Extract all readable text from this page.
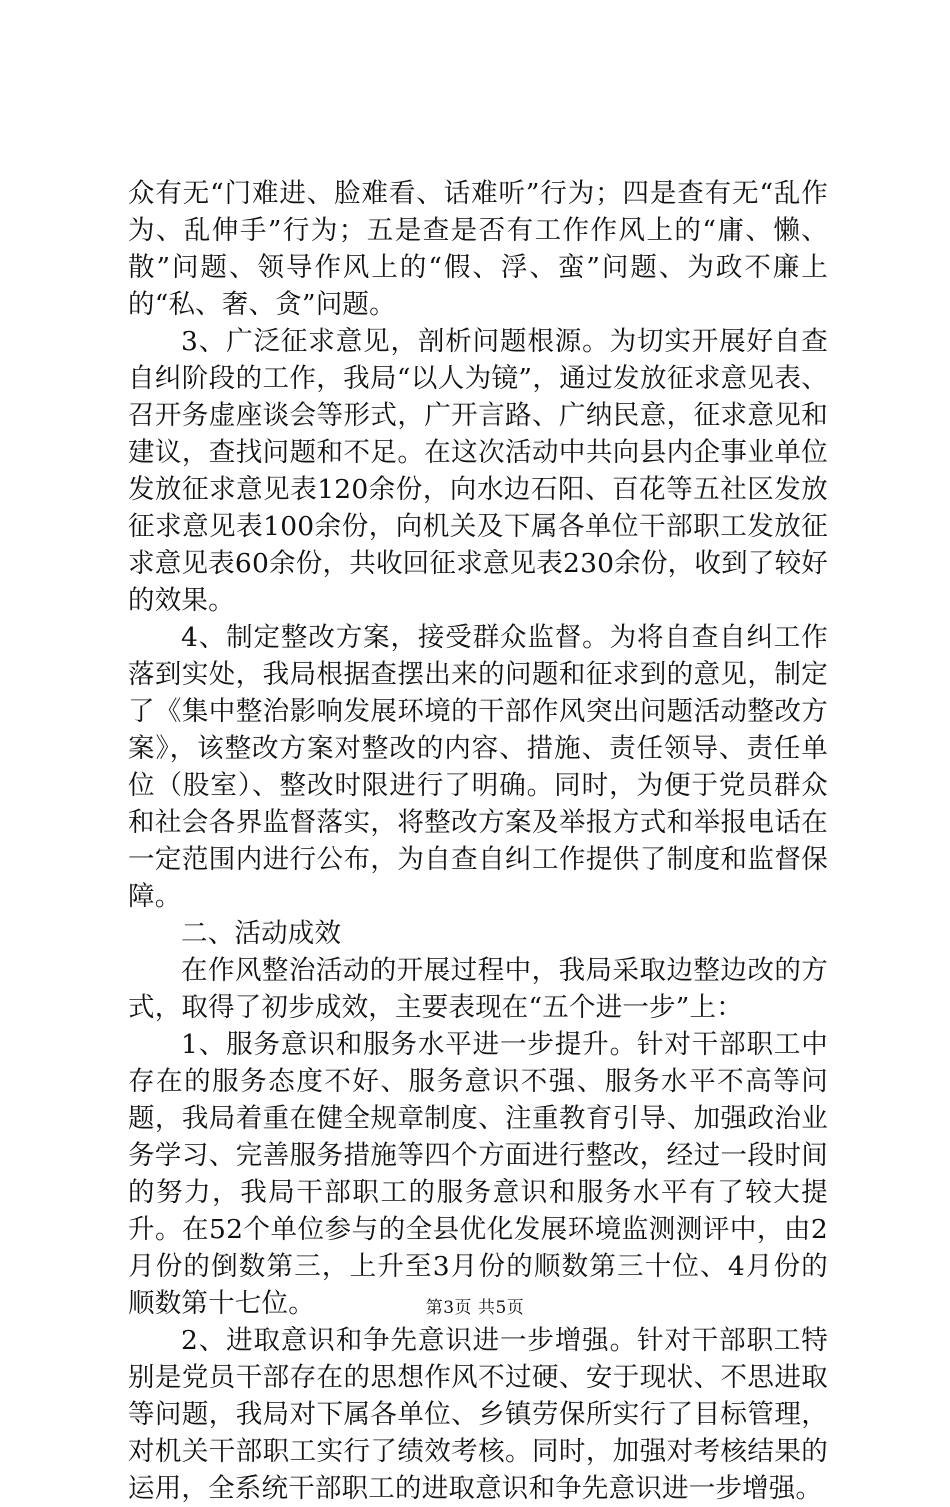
众有无“门难进、脸难看、话难听”行为；四是查有无“乱作为、乱伸手”行为；五是查是否有工作作风上的“庸、懒、散”问题、领导作风上的“假、浮、蛮”问题、为政不廉上的“私、奢、贪”问题。

3、广泛征求意见，剖析问题根源。为切实开展好自查自纠阶段的工作，我局“以人为镜”，通过发放征求意见表、召开务虚座谈会等形式，广开言路、广纳民意，征求意见和建议，查找问题和不足。在这次活动中共向县内企事业单位发放征求意见表120余份，向水边石阳、百花等五社区发放征求意见表100余份，向机关及下属各单位干部职工发放征求意见表60余份，共收回征求意见表230余份，收到了较好的效果。

4、制定整改方案，接受群众监督。为将自查自纠工作落到实处，我局根据查摆出来的问题和征求到的意见，制定了《集中整治影响发展环境的干部作风突出问题活动整改方案》，该整改方案对整改的内容、措施、责任领导、责任单位（股室）、整改时限进行了明确。同时，为便于党员群众和社会各界监督落实，将整改方案及举报方式和举报电话在一定范围内进行公布，为自查自纠工作提供了制度和监督保障。

二、活动成效

在作风整治活动的开展过程中，我局采取边整边改的方式，取得了初步成效，主要表现在“五个进一步”上：

1、服务意识和服务水平进一步提升。针对干部职工中存在的服务态度不好、服务意识不强、服务水平不高等问题，我局着重在健全规章制度、注重教育引导、加强政治业务学习、完善服务措施等四个方面进行整改，经过一段时间的努力，我局干部职工的服务意识和服务水平有了较大提升。在52个单位参与的全县优化发展环境监测测评中，由2月份的倒数第三，上升至3月份的顺数第三十位、4月份的顺数第十七位。

2、进取意识和争先意识进一步增强。针对干部职工特别是党员干部存在的思想作风不过硬、安于现状、不思进取等问题，我局对下属各单位、乡镇劳保所实行了目标管理，对机关干部职工实行了绩效考核。同时，加强对考核结果的运用，全系统干部职工的进取意识和争先意识进一步增强。

第3页 共5页
